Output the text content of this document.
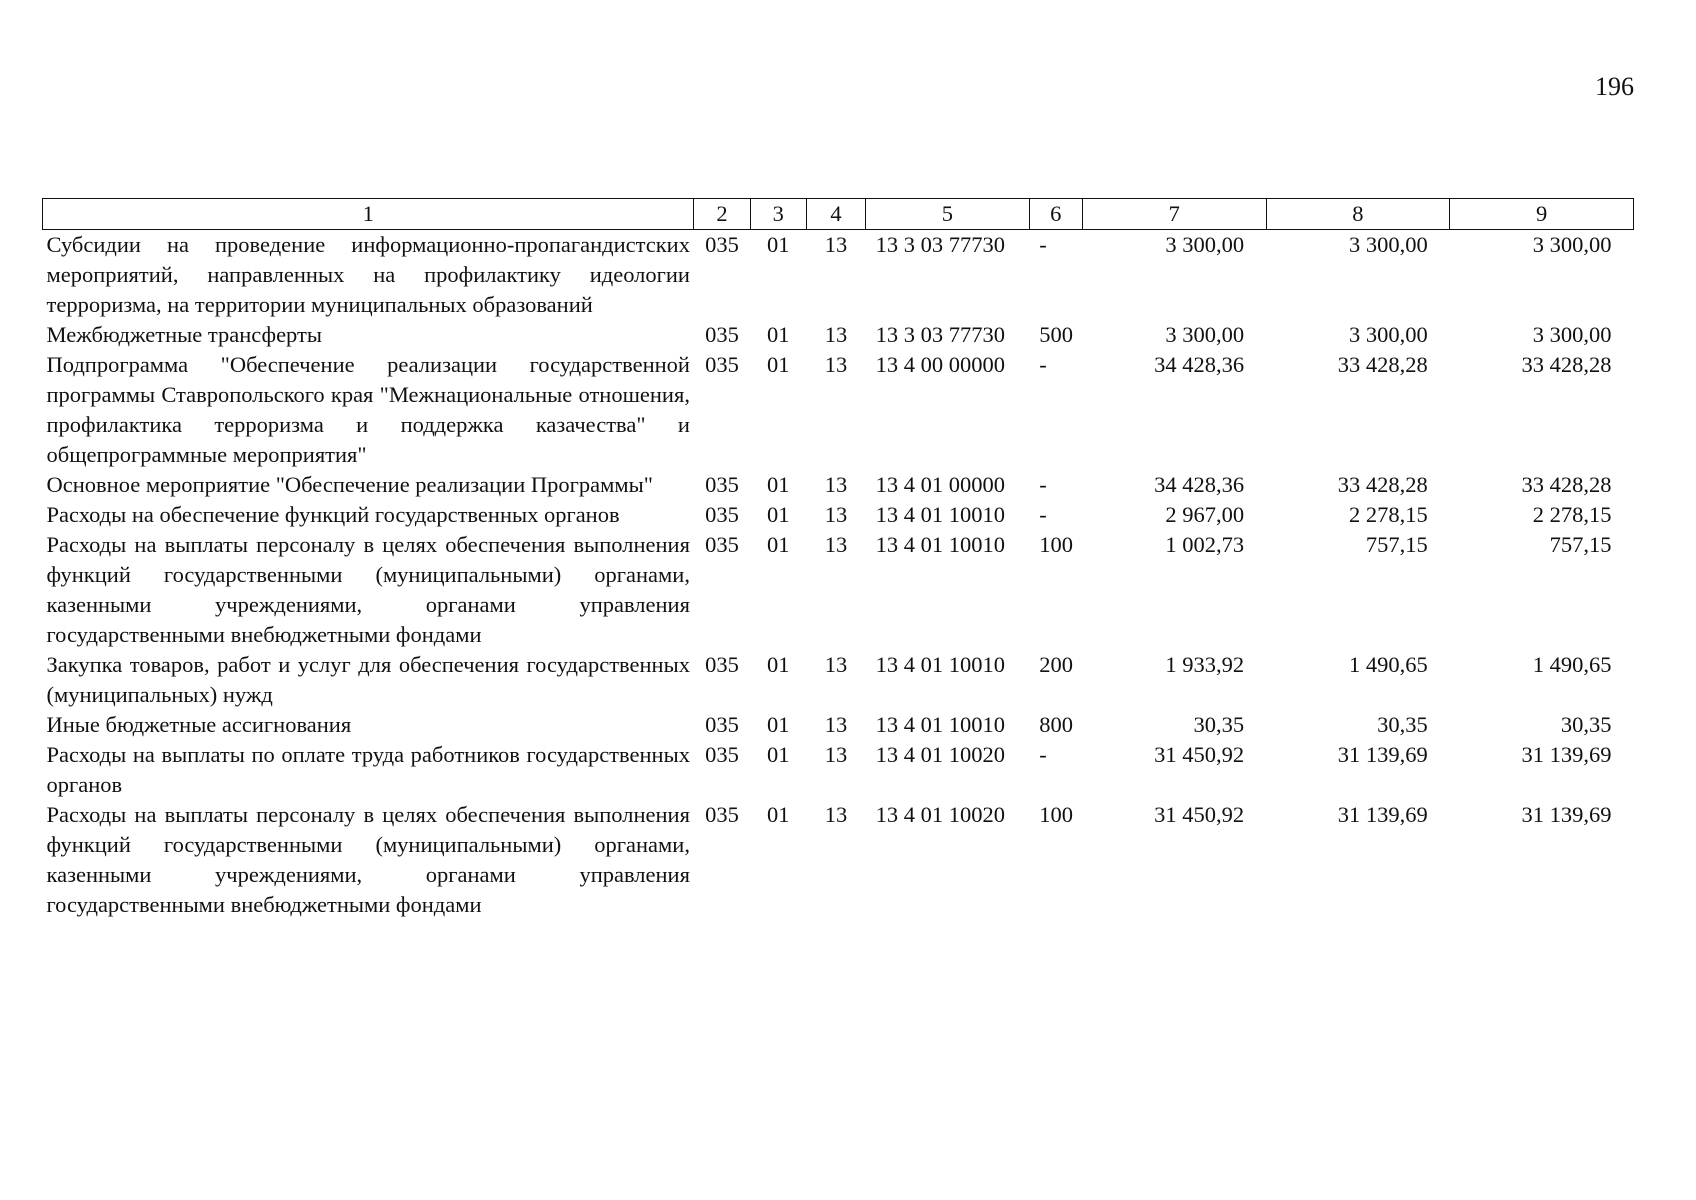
196
1	2	3	4	5	6	7	8	9
Субсидии на проведение информационно-пропагандистских мероприятий, направленных на профилактику идеологии терроризма, на территории муниципальных образований	035	01	13	13 3 03 77730	-	3 300,00	3 300,00	3 300,00
Межбюджетные трансферты	035	01	13	13 3 03 77730	500	3 300,00	3 300,00	3 300,00
Подпрограмма "Обеспечение реализации государственной программы Ставропольского края "Межнациональные отношения, профилактика терроризма и поддержка казачества" и общепрограммные мероприятия"	035	01	13	13 4 00 00000	-	34 428,36	33 428,28	33 428,28
Основное мероприятие "Обеспечение реализации Программы"	035	01	13	13 4 01 00000	-	34 428,36	33 428,28	33 428,28
Расходы на обеспечение функций государственных органов	035	01	13	13 4 01 10010	-	2 967,00	2 278,15	2 278,15
Расходы на выплаты персоналу в целях обеспечения выполнения функций государственными (муниципальными) органами, казенными учреждениями, органами управления государственными внебюджетными фондами	035	01	13	13 4 01 10010	100	1 002,73	757,15	757,15
Закупка товаров, работ и услуг для обеспечения государственных (муниципальных) нужд	035	01	13	13 4 01 10010	200	1 933,92	1 490,65	1 490,65
Иные бюджетные ассигнования	035	01	13	13 4 01 10010	800	30,35	30,35	30,35
Расходы на выплаты по оплате труда работников государственных органов	035	01	13	13 4 01 10020	-	31 450,92	31 139,69	31 139,69
Расходы на выплаты персоналу в целях обеспечения выполнения функций государственными (муниципальными) органами, казенными учреждениями, органами управления государственными внебюджетными фондами	035	01	13	13 4 01 10020	100	31 450,92	31 139,69	31 139,69
